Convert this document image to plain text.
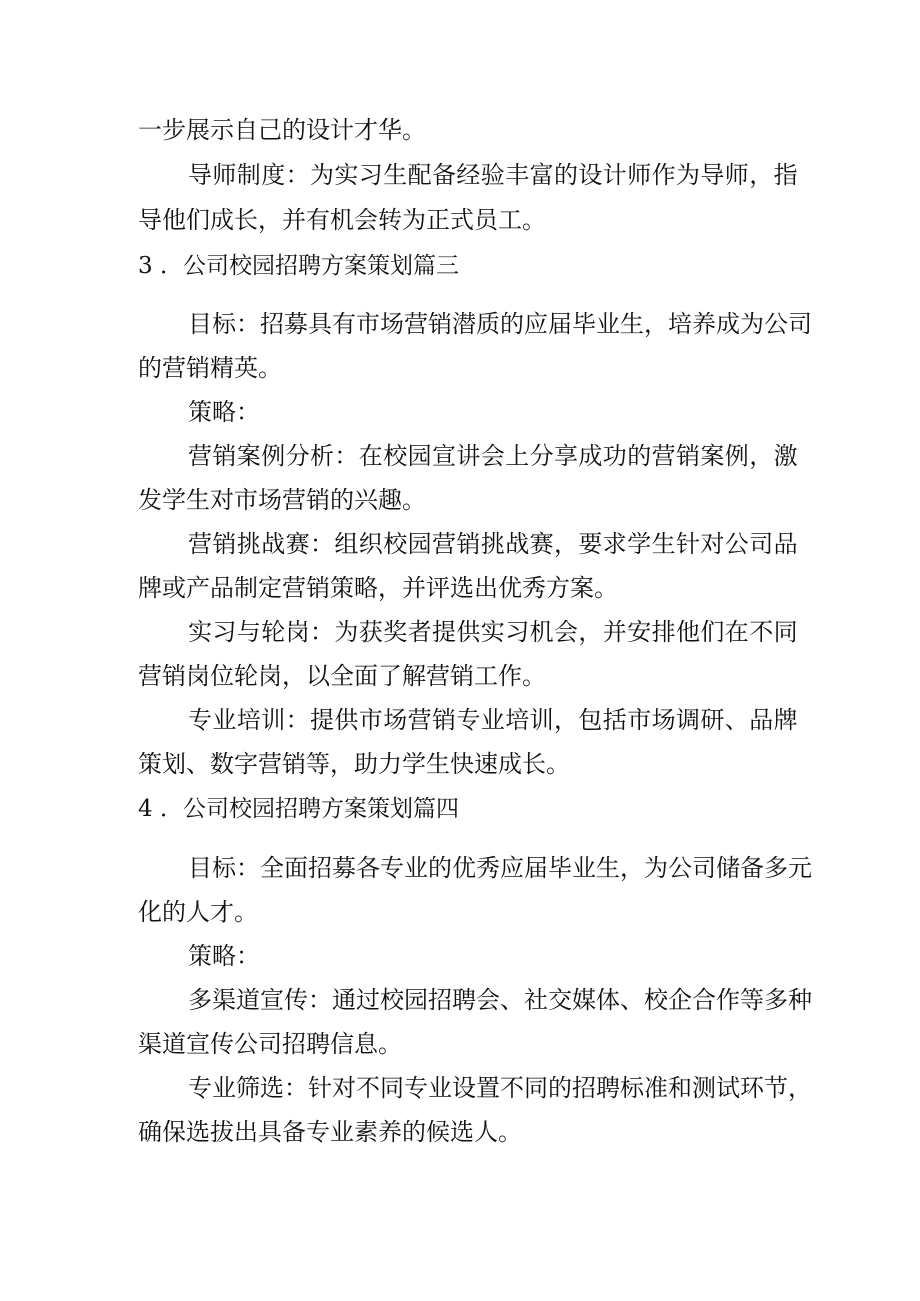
一步展示自己的设计才华。
导师制度：为实习生配备经验丰富的设计师作为导师，指
导他们成长，并有机会转为正式员工。
3 ．公司校园招聘方案策划篇三
目标：招募具有市场营销潜质的应届毕业生，培养成为公司
的营销精英。
策略：
营销案例分析：在校园宣讲会上分享成功的营销案例，激
发学生对市场营销的兴趣。
营销挑战赛：组织校园营销挑战赛，要求学生针对公司品
牌或产品制定营销策略，并评选出优秀方案。
实习与轮岗：为获奖者提供实习机会，并安排他们在不同
营销岗位轮岗，以全面了解营销工作。
专业培训：提供市场营销专业培训，包括市场调研、品牌
策划、数字营销等，助力学生快速成长。
4 ．公司校园招聘方案策划篇四
目标：全面招募各专业的优秀应届毕业生，为公司储备多元
化的人才。
策略：
多渠道宣传：通过校园招聘会、社交媒体、校企合作等多种
渠道宣传公司招聘信息。
专业筛选：针对不同专业设置不同的招聘标准和测试环节，
确保选拔出具备专业素养的候选人。
